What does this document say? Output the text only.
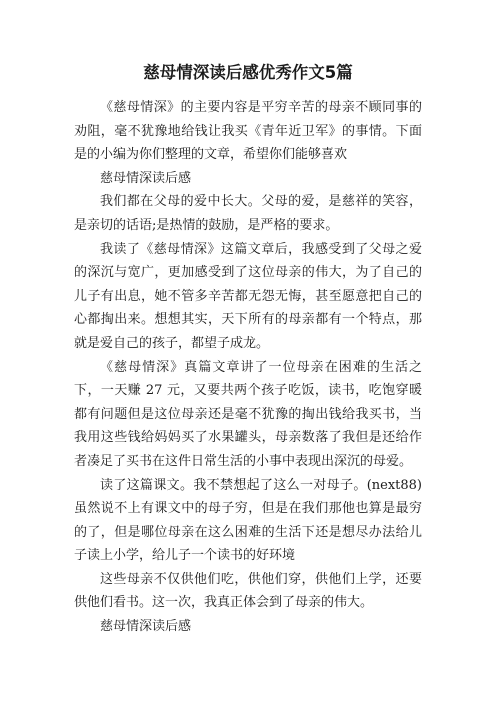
慈母情深读后感优秀作文5篇

《慈母情深》的主要内容是平穷辛苦的母亲不顾同事的劝阻，毫不犹豫地给钱让我买《青年近卫军》的事情。下面是的小编为你们整理的文章，希望你们能够喜欢

慈母情深读后感

我们都在父母的爱中长大。父母的爱，是慈祥的笑容，是亲切的话语;是热情的鼓励，是严格的要求。

我读了《慈母情深》这篇文章后，我感受到了父母之爱的深沉与宽广，更加感受到了这位母亲的伟大，为了自己的儿子有出息，她不管多辛苦都无怨无悔，甚至愿意把自己的心都掏出来。想想其实，天下所有的母亲都有一个特点，那就是爱自己的孩子，都望子成龙。

《慈母情深》真篇文章讲了一位母亲在困难的生活之下，一天赚 27 元，又要共两个孩子吃饭，读书，吃饱穿暖都有问题但是这位母亲还是毫不犹豫的掏出钱给我买书，当我用这些钱给妈妈买了水果罐头，母亲数落了我但是还给作者凑足了买书在这件日常生活的小事中表现出深沉的母爱。

读了这篇课文。我不禁想起了这么一对母子。(next88)虽然说不上有课文中的母子穷，但是在我们那他也算是最穷的了，但是哪位母亲在这么困难的生活下还是想尽办法给儿子读上小学，给儿子一个读书的好环境

这些母亲不仅供他们吃，供他们穿，供他们上学，还要供他们看书。这一次，我真正体会到了母亲的伟大。

慈母情深读后感
